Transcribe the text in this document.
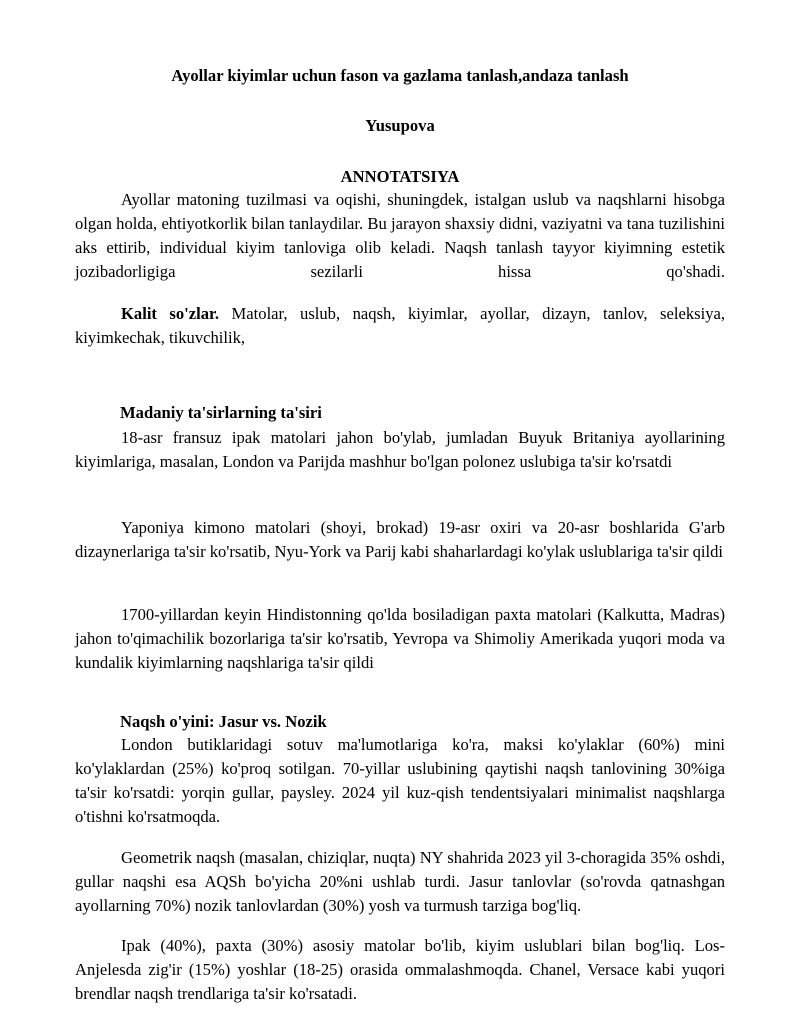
Ayollar kiyimlar uchun fason va gazlama tanlash,andaza tanlash
Yusupova
ANNOTATSIYA

Ayollar matoning tuzilmasi va oqishi, shuningdek, istalgan uslub va naqshlarni hisobga olgan holda, ehtiyotkorlik bilan tanlaydilar. Bu jarayon shaxsiy didni, vaziyatni va tana tuzilishini aks ettirib, individual kiyim tanloviga olib keladi. Naqsh tanlash tayyor kiyimning estetik jozibadorligiga sezilarli hissa qo'shadi.

Kalit so'zlar. Matolar, uslub, naqsh, kiyimlar, ayollar, dizayn, tanlov, seleksiya, kiyimkechak, tikuvchilik,

Madaniy ta'sirlarning ta'siri

18-asr fransuz ipak matolari jahon bo'ylab, jumladan Buyuk Britaniya ayollarining kiyimlariga, masalan, London va Parijda mashhur bo'lgan polonez uslubiga ta'sir ko'rsatdi

Yaponiya kimono matolari (shoyi, brokad) 19-asr oxiri va 20-asr boshlarida G'arb dizaynerlariga ta'sir ko'rsatib, Nyu-York va Parij kabi shaharlardagi ko'ylak uslublariga ta'sir qildi

1700-yillardan keyin Hindistonning qo'lda bosiladigan paxta matolari (Kalkutta, Madras) jahon to'qimachilik bozorlariga ta'sir ko'rsatib, Yevropa va Shimoliy Amerikada yuqori moda va kundalik kiyimlarning naqshlariga ta'sir qildi

Naqsh o'yini: Jasur vs. Nozik

London butiklaridagi sotuv ma'lumotlariga ko'ra, maksi ko'ylaklar (60%) mini ko'ylaklardan (25%) ko'proq sotilgan. 70-yillar uslubining qaytishi naqsh tanlovining 30%iga ta'sir ko'rsatdi: yorqin gullar, paysley. 2024 yil kuz-qish tendentsiyalari minimalist naqshlarga o'tishni ko'rsatmoqda.

Geometrik naqsh (masalan, chiziqlar, nuqta) NY shahrida 2023 yil 3-choragida 35% oshdi, gullar naqshi esa AQSh bo'yicha 20%ni ushlab turdi. Jasur tanlovlar (so'rovda qatnashgan ayollarning 70%) nozik tanlovlardan (30%) yosh va turmush tarziga bog'liq.

Ipak (40%), paxta (30%) asosiy matolar bo'lib, kiyim uslublari bilan bog'liq. Los-Anjelesda zig'ir (15%) yoshlar (18-25) orasida ommalashmoqda. Chanel, Versace kabi yuqori brendlar naqsh trendlariga ta'sir ko'rsatadi.
